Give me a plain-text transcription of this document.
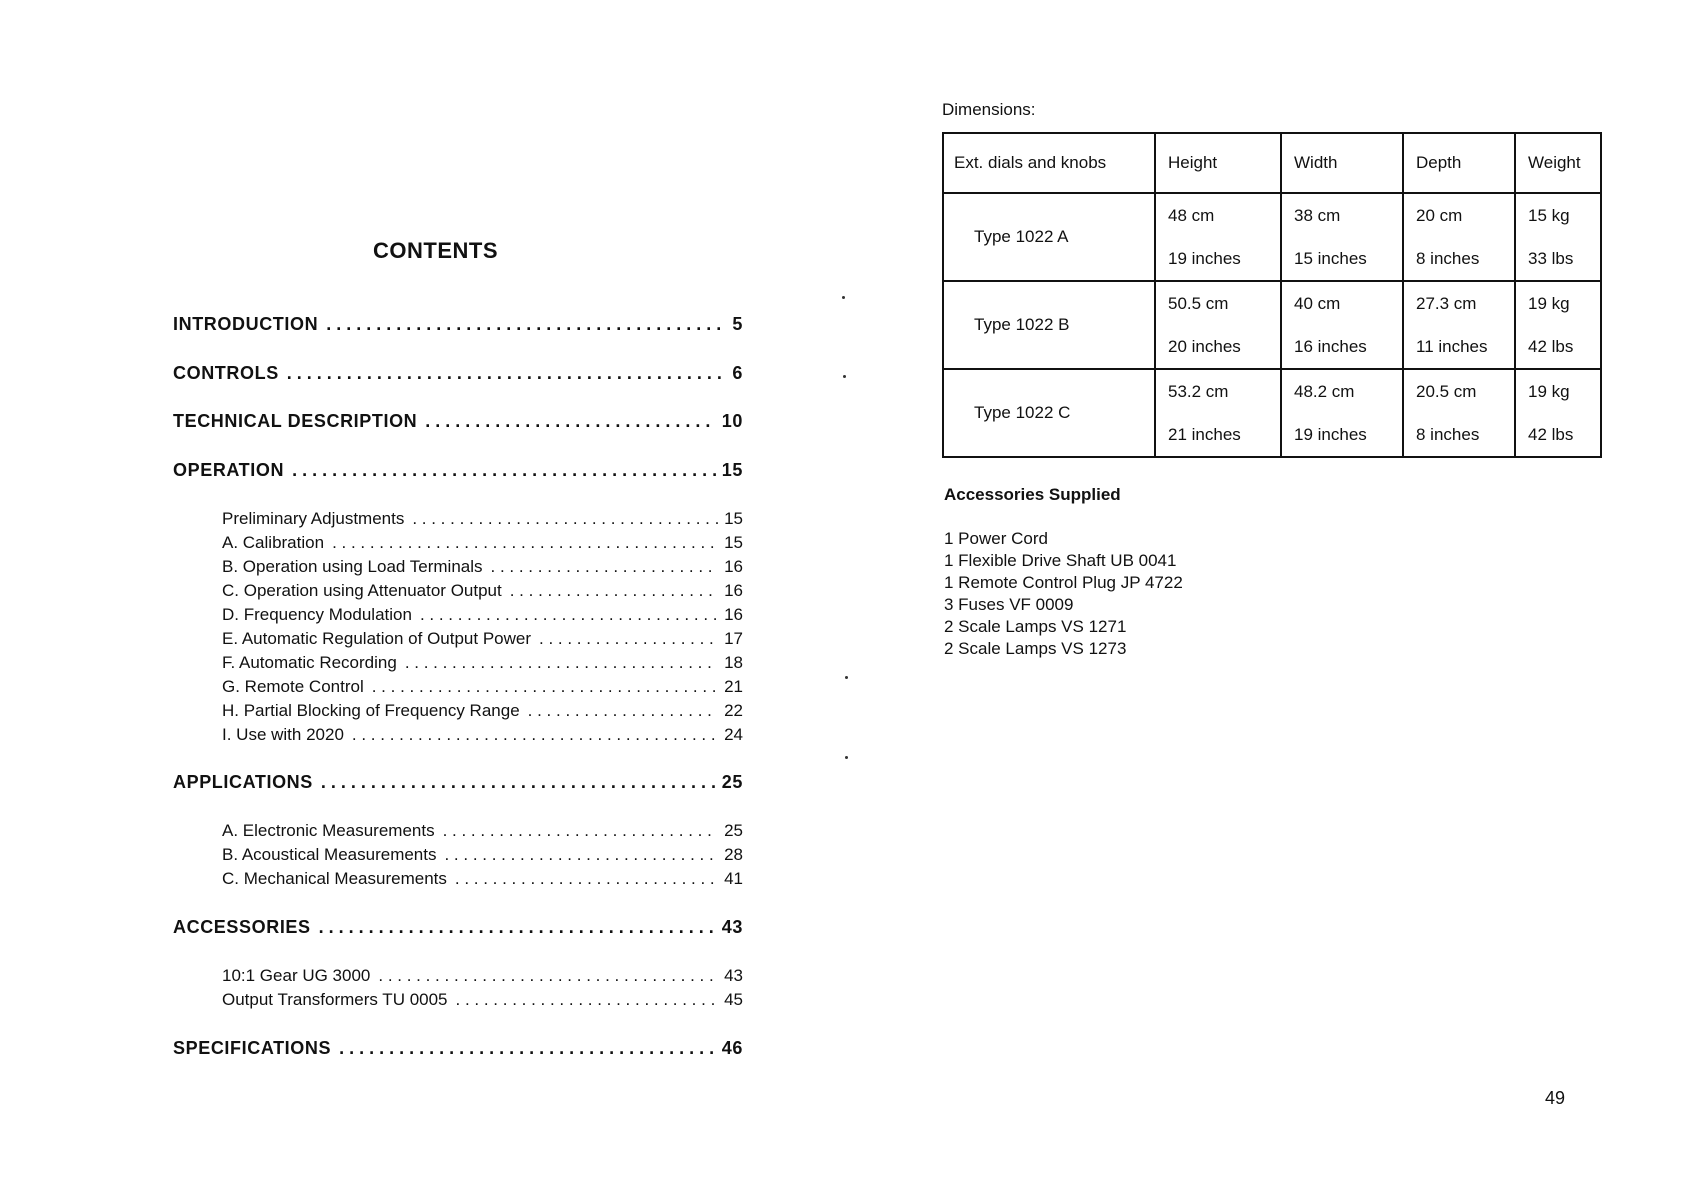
CONTENTS
INTRODUCTION . . .	5
CONTROLS . . .	6
TECHNICAL DESCRIPTION . . .	10
OPERATION . . .	15
Preliminary Adjustments . . .	15
A. Calibration . . .	15
B. Operation using Load Terminals . . .	16
C. Operation using Attenuator Output . . .	16
D. Frequency Modulation . . .	16
E. Automatic Regulation of Output Power . . .	17
F. Automatic Recording . . .	18
G. Remote Control . . .	21
H. Partial Blocking of Frequency Range . . .	22
I. Use with 2020 . . .	24
APPLICATIONS . . .	25
A. Electronic Measurements . . .	25
B. Acoustical Measurements . . .	28
C. Mechanical Measurements . . .	41
ACCESSORIES . . .	43
10:1 Gear UG 3000 . . .	43
Output Transformers TU 0005 . . .	45
SPECIFICATIONS . . .	46
Dimensions:
Ext. dials and knobs	Height	Width	Depth	Weight
Type 1022 A	48 cm	38 cm	20 cm	15 kg
	19 inches	15 inches	8 inches	33 lbs
Type 1022 B	50.5 cm	40 cm	27.3 cm	19 kg
	20 inches	16 inches	11 inches	42 lbs
Type 1022 C	53.2 cm	48.2 cm	20.5 cm	19 kg
	21 inches	19 inches	8 inches	42 lbs
Accessories Supplied
1 Power Cord
1 Flexible Drive Shaft UB 0041
1 Remote Control Plug JP 4722
3 Fuses VF 0009
2 Scale Lamps VS 1271
2 Scale Lamps VS 1273
49
